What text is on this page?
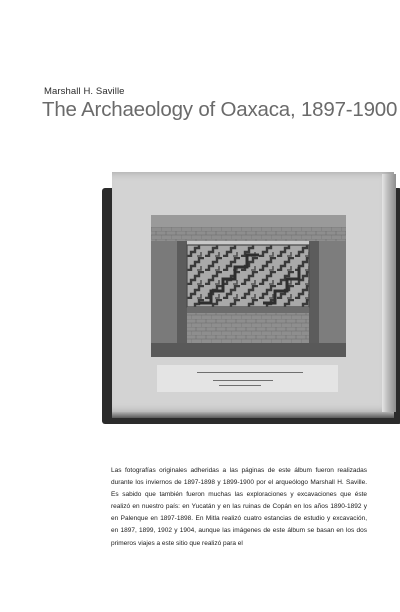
Marshall H. Saville
The Archaeology of Oaxaca, 1897-1900

Las fotografías originales adheridas a las páginas de este álbum fueron realizadas durante los inviernos de 1897-1898 y 1899-1900 por el arqueólogo Marshall H. Saville. Es sabido que también fueron muchas las exploraciones y excavaciones que éste realizó en nuestro país: en Yucatán y en las ruinas de Copán en los años 1890-1892 y en Palenque en 1897-1898. En Mitla realizó cuatro estancias de estudio y excavación, en 1897, 1899, 1902 y 1904, aunque las imágenes de este álbum se basan en los dos primeros viajes a este sitio que realizó para el
